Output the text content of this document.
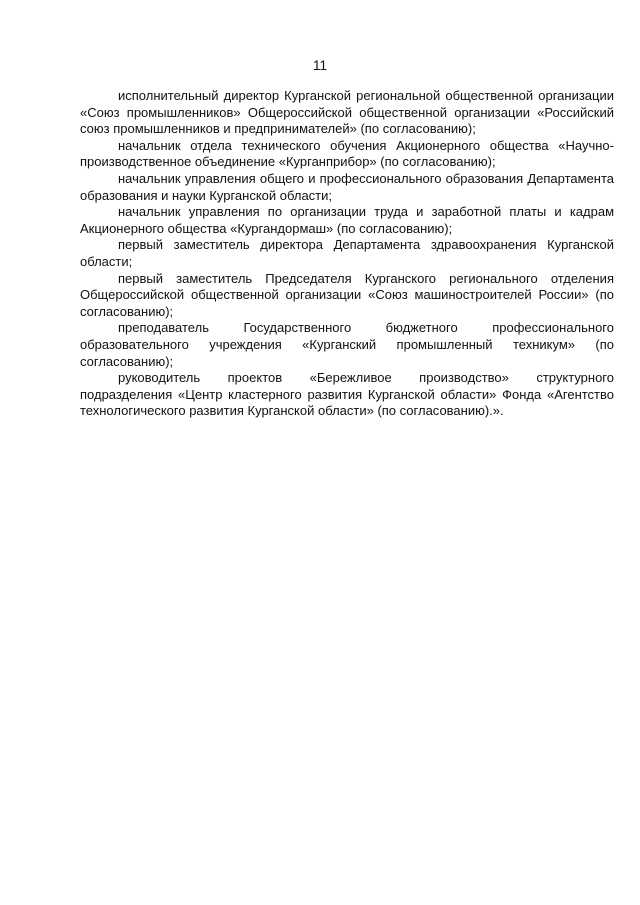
11

исполнительный директор Курганской региональной общественной организации «Союз промышленников» Общероссийской общественной организации «Российский союз промышленников и предпринимателей» (по согласованию);

начальник отдела технического обучения Акционерного общества «Научно-производственное объединение «Курганприбор» (по согласованию);

начальник управления общего и профессионального образования Департамента образования и науки Курганской области;

начальник управления по организации труда и заработной платы и кадрам Акционерного общества «Кургандормаш» (по согласованию);

первый заместитель директора Департамента здравоохранения Курганской области;

первый заместитель Председателя Курганского регионального отделения Общероссийской общественной организации «Союз машиностроителей России» (по согласованию);

преподаватель Государственного бюджетного профессионального образовательного учреждения «Курганский промышленный техникум» (по согласованию);

руководитель проектов «Бережливое производство» структурного подразделения «Центр кластерного развития Курганской области» Фонда «Агентство технологического развития Курганской области» (по согласованию).».
